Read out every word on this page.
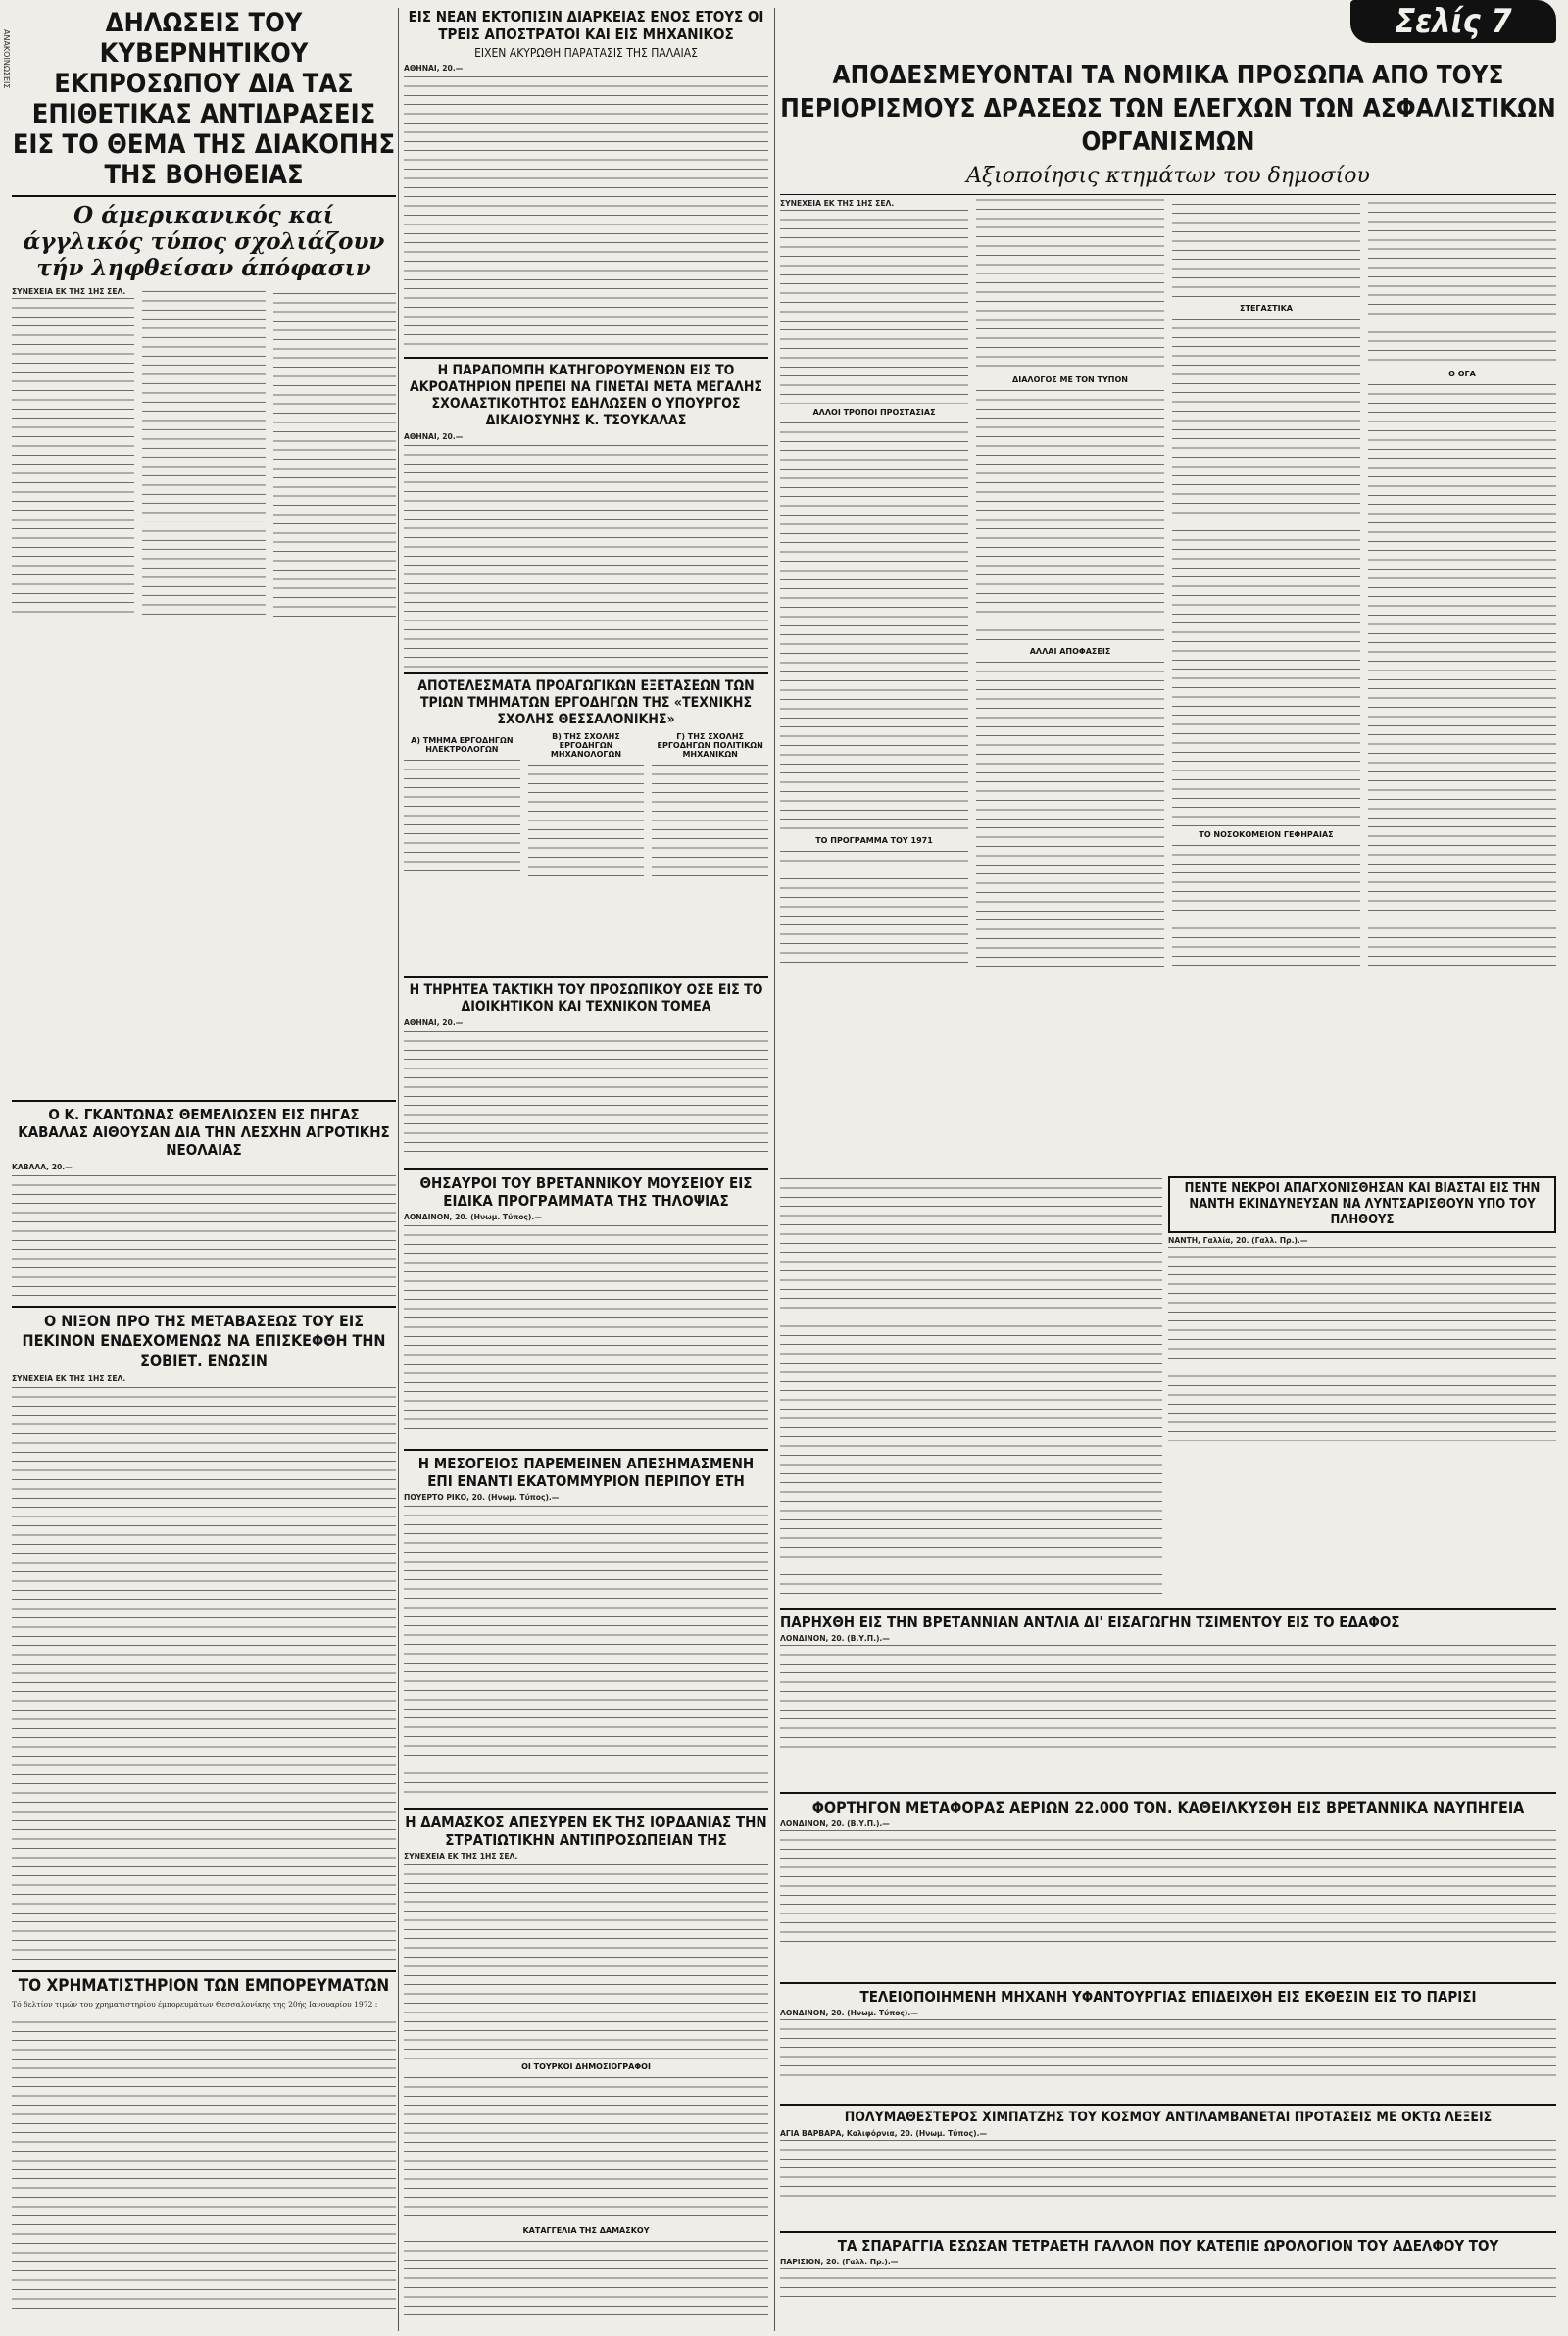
ΑΝΑΚΟΙΝΩΣΕΙΣ
ΔΗΛΩΣΕΙΣ ΤΟΥ ΚΥΒΕΡΝΗΤΙΚΟΥ ΕΚΠΡΟΣΩΠΟΥ ΔΙΑ ΤΑΣ ΕΠΙΘΕΤΙΚΑΣ ΑΝΤΙΔΡΑΣΕΙΣ ΕΙΣ ΤΟ ΘΕΜΑ ΤΗΣ ΔΙΑΚΟΠΗΣ ΤΗΣ ΒΟΗΘΕΙΑΣ

Ο άμερικανικός καί άγγλικός τύπος σχολιάζουν τήν ληφθείσαν άπόφασιν

ΣΥΝΕΧΕΙΑ ΕΚ ΤΗΣ 1ΗΣ ΣΕΛ.

Ο Κ. ΓΚΑΝΤΩΝΑΣ ΘΕΜΕΛΙΩΣΕΝ ΕΙΣ ΠΗΓΑΣ ΚΑΒΑΛΑΣ ΑΙΘΟΥΣΑΝ ΔΙΑ ΤΗΝ ΛΕΣΧΗΝ ΑΓΡΟΤΙΚΗΣ ΝΕΟΛΑΙΑΣ

ΚΑΒΑΛΑ, 20.—

Ο ΝΙΞΟΝ ΠΡΟ ΤΗΣ ΜΕΤΑΒΑΣΕΩΣ ΤΟΥ ΕΙΣ ΠΕΚΙΝΟΝ ΕΝΔΕΧΟΜΕΝΩΣ ΝΑ ΕΠΙΣΚΕΦΘΗ ΤΗΝ ΣΟΒΙΕΤ. ΕΝΩΣΙΝ

ΣΥΝΕΧΕΙΑ ΕΚ ΤΗΣ 1ΗΣ ΣΕΛ.

ΤΟ ΧΡΗΜΑΤΙΣΤΗΡΙΟΝ ΤΩΝ ΕΜΠΟΡΕΥΜΑΤΩΝ

Τό δελτίον τιμών του χρηματιστηρίου έμπορευμάτων Θεσσαλονίκης της 20ής Ιανουαρίου 1972 :

ΕΙΣ ΝΕΑΝ ΕΚΤΟΠΙΣΙΝ ΔΙΑΡΚΕΙΑΣ ΕΝΟΣ ΕΤΟΥΣ ΟΙ ΤΡΕΙΣ ΑΠΟΣΤΡΑΤΟΙ ΚΑΙ ΕΙΣ ΜΗΧΑΝΙΚΟΣ

ΕΙΧΕΝ ΑΚΥΡΩΘΗ ΠΑΡΑΤΑΣΙΣ ΤΗΣ ΠΑΛΑΙΑΣ

ΑΘΗΝΑΙ, 20.—

Η ΠΑΡΑΠΟΜΠΗ ΚΑΤΗΓΟΡΟΥΜΕΝΩΝ ΕΙΣ ΤΟ ΑΚΡΟΑΤΗΡΙΟΝ ΠΡΕΠΕΙ ΝΑ ΓΙΝΕΤΑΙ ΜΕΤΑ ΜΕΓΑΛΗΣ ΣΧΟΛΑΣΤΙΚΟΤΗΤΟΣ ΕΔΗΛΩΣΕΝ Ο ΥΠΟΥΡΓΟΣ ΔΙΚΑΙΟΣΥΝΗΣ Κ. ΤΣΟΥΚΑΛΑΣ

ΑΘΗΝΑΙ, 20.—

ΑΠΟΤΕΛΕΣΜΑΤΑ ΠΡΟΑΓΩΓΙΚΩΝ ΕΞΕΤΑΣΕΩΝ ΤΩΝ ΤΡΙΩΝ ΤΜΗΜΑΤΩΝ ΕΡΓΟΔΗΓΩΝ ΤΗΣ «ΤΕΧΝΙΚΗΣ ΣΧΟΛΗΣ ΘΕΣΣΑΛΟΝΙΚΗΣ»

Α) ΤΜΗΜΑ ΕΡΓΟΔΗΓΩΝ ΗΛΕΚΤΡΟΛΟΓΩΝ

Β) ΤΗΣ ΣΧΟΛΗΣ ΕΡΓΟΔΗΓΩΝ ΜΗΧΑΝΟΛΟΓΩΝ

Γ) ΤΗΣ ΣΧΟΛΗΣ ΕΡΓΟΔΗΓΩΝ ΠΟΛΙΤΙΚΩΝ ΜΗΧΑΝΙΚΩΝ

Η ΤΗΡΗΤΕΑ ΤΑΚΤΙΚΗ ΤΟΥ ΠΡΟΣΩΠΙΚΟΥ ΟΣΕ ΕΙΣ ΤΟ ΔΙΟΙΚΗΤΙΚΟΝ ΚΑΙ ΤΕΧΝΙΚΟΝ ΤΟΜΕΑ

ΑΘΗΝΑΙ, 20.—

ΘΗΣΑΥΡΟΙ ΤΟΥ ΒΡΕΤΑΝΝΙΚΟΥ ΜΟΥΣΕΙΟΥ ΕΙΣ ΕΙΔΙΚΑ ΠΡΟΓΡΑΜΜΑΤΑ ΤΗΣ ΤΗΛΟΨΙΑΣ

ΛΟΝΔΙΝΟΝ, 20. (Ηνωμ. Τύπος).—

Η ΜΕΣΟΓΕΙΟΣ ΠΑΡΕΜΕΙΝΕΝ ΑΠΕΣΗΜΑΣΜΕΝΗ ΕΠΙ ΕΝΑΝΤΙ ΕΚΑΤΟΜΜΥΡΙΟΝ ΠΕΡΙΠΟΥ ΕΤΗ

ΠΟΥΕΡΤΟ ΡΙΚΟ, 20. (Ηνωμ. Τύπος).—

Η ΔΑΜΑΣΚΟΣ ΑΠΕΣΥΡΕΝ ΕΚ ΤΗΣ ΙΟΡΔΑΝΙΑΣ ΤΗΝ ΣΤΡΑΤΙΩΤΙΚΗΝ ΑΝΤΙΠΡΟΣΩΠΕΙΑΝ ΤΗΣ

ΣΥΝΕΧΕΙΑ ΕΚ ΤΗΣ 1ΗΣ ΣΕΛ.

ΟΙ ΤΟΥΡΚΟΙ ΔΗΜΟΣΙΟΓΡΑΦΟΙ

ΚΑΤΑΓΓΕΛΙΑ ΤΗΣ ΔΑΜΑΣΚΟΥ

Σελίς 7
ΑΠΟΔΕΣΜΕΥΟΝΤΑΙ ΤΑ ΝΟΜΙΚΑ ΠΡΟΣΩΠΑ ΑΠΟ ΤΟΥΣ ΠΕΡΙΟΡΙΣΜΟΥΣ ΔΡΑΣΕΩΣ ΤΩΝ ΕΛΕΓΧΩΝ ΤΩΝ ΑΣΦΑΛΙΣΤΙΚΩΝ ΟΡΓΑΝΙΣΜΩΝ

Αξιοποίησις κτημάτων του δημοσίου

ΣΥΝΕΧΕΙΑ ΕΚ ΤΗΣ 1ΗΣ ΣΕΛ.

ΑΛΛΟΙ ΤΡΟΠΟΙ ΠΡΟΣΤΑΣΙΑΣ

ΤΟ ΠΡΟΓΡΑΜΜΑ ΤΟΥ 1971

ΔΙΑΛΟΓΟΣ ΜΕ ΤΟΝ ΤΥΠΟΝ

ΑΛΛΑΙ ΑΠΟΦΑΣΕΙΣ

ΣΤΕΓΑΣΤΙΚΑ

ΤΟ ΝΟΣΟΚΟΜΕΙΟΝ ΓΕΦΗΡΑΙΑΣ

Ο ΟΓΑ

ΠΕΝΤΕ ΝΕΚΡΟΙ ΑΠΑΓΧΟΝΙΣΘΗΣΑΝ ΚΑΙ ΒΙΑΣΤΑΙ ΕΙΣ ΤΗΝ ΝΑΝΤΗ ΕΚΙΝΔΥΝΕΥΣΑΝ ΝΑ ΛΥΝΤΣΑΡΙΣΘΟΥΝ ΥΠΟ ΤΟΥ ΠΛΗΘΟΥΣ

ΝΑΝΤΗ, Γαλλία, 20. (Γαλλ. Πρ.).—

ΠΑΡΗΧΘΗ ΕΙΣ ΤΗΝ ΒΡΕΤΑΝΝΙΑΝ ΑΝΤΛΙΑ ΔΙ' ΕΙΣΑΓΩΓΗΝ ΤΣΙΜΕΝΤΟΥ ΕΙΣ ΤΟ ΕΔΑΦΟΣ

ΛΟΝΔΙΝΟΝ, 20. (Β.Υ.Π.).—

ΦΟΡΤΗΓΟΝ ΜΕΤΑΦΟΡΑΣ ΑΕΡΙΩΝ 22.000 ΤΟΝ. ΚΑΘΕΙΛΚΥΣΘΗ ΕΙΣ ΒΡΕΤΑΝΝΙΚΑ ΝΑΥΠΗΓΕΙΑ

ΛΟΝΔΙΝΟΝ, 20. (Β.Υ.Π.).—

ΤΕΛΕΙΟΠΟΙΗΜΕΝΗ ΜΗΧΑΝΗ ΥΦΑΝΤΟΥΡΓΙΑΣ ΕΠΙΔΕΙΧΘΗ ΕΙΣ ΕΚΘΕΣΙΝ ΕΙΣ ΤΟ ΠΑΡΙΣΙ

ΛΟΝΔΙΝΟΝ, 20. (Ηνωμ. Τύπος).—

ΠΟΛΥΜΑΘΕΣΤΕΡΟΣ ΧΙΜΠΑΤΖΗΣ ΤΟΥ ΚΟΣΜΟΥ ΑΝΤΙΛΑΜΒΑΝΕΤΑΙ ΠΡΟΤΑΣΕΙΣ ΜΕ ΟΚΤΩ ΛΕΞΕΙΣ

ΑΓΙΑ ΒΑΡΒΑΡΑ, Καλιφόρνια, 20. (Ηνωμ. Τύπος).—

ΤΑ ΣΠΑΡΑΓΓΙΑ ΕΣΩΣΑΝ ΤΕΤΡΑΕΤΗ ΓΑΛΛΟΝ ΠΟΥ ΚΑΤΕΠΙΕ ΩΡΟΛΟΓΙΟΝ ΤΟΥ ΑΔΕΛΦΟΥ ΤΟΥ

ΠΑΡΙΣΙΟΝ, 20. (Γαλλ. Πρ.).—
